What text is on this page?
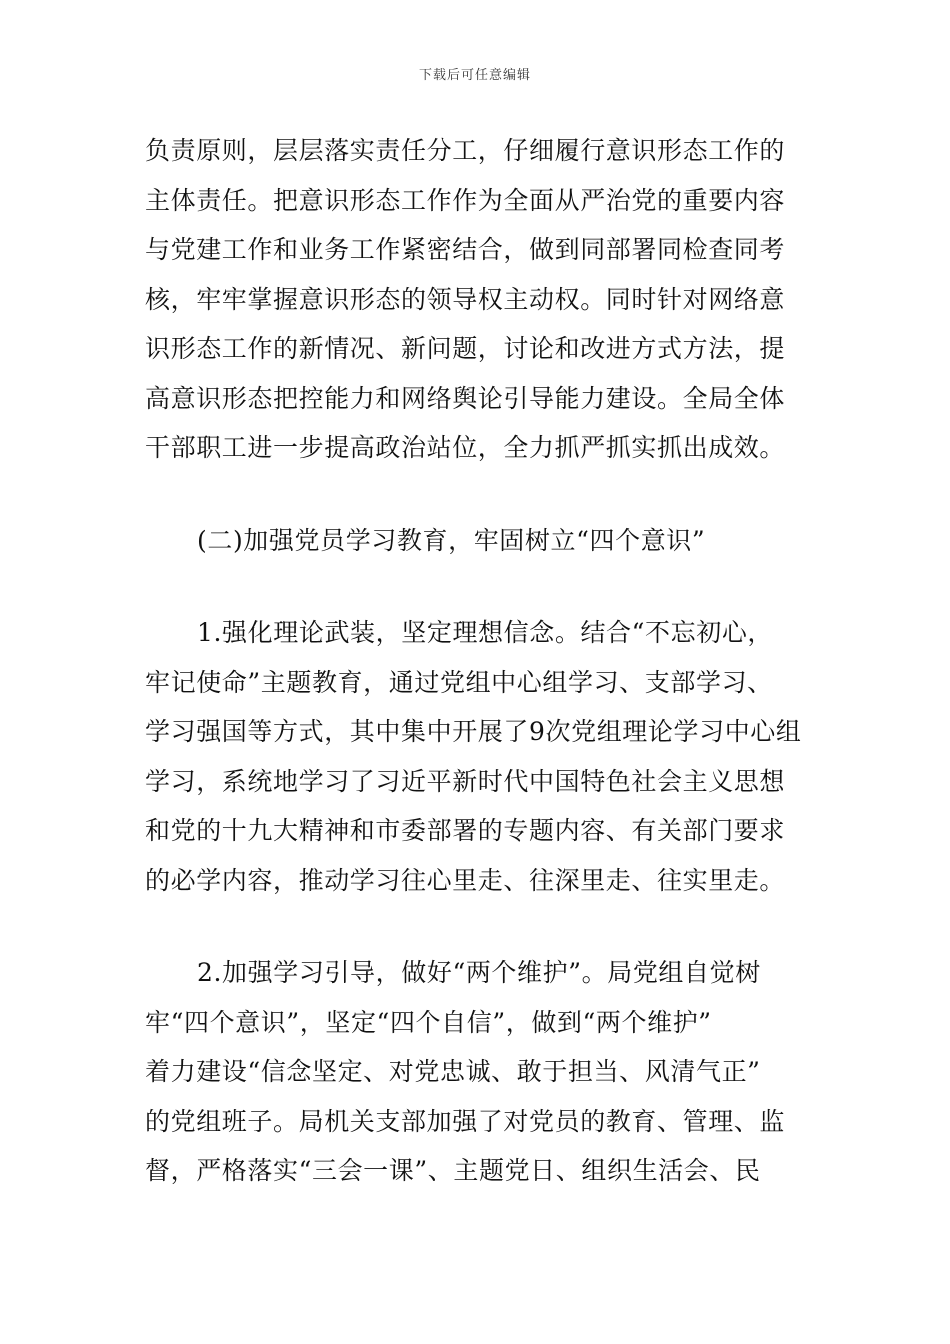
下载后可任意编辑
负责原则，层层落实责任分工，仔细履行意识形态工作的
主体责任。把意识形态工作作为全面从严治党的重要内容
与党建工作和业务工作紧密结合，做到同部署同检查同考
核，牢牢掌握意识形态的领导权主动权。同时针对网络意
识形态工作的新情况、新问题，讨论和改进方式方法，提
高意识形态把控能力和网络舆论引导能力建设。全局全体
干部职工进一步提高政治站位，全力抓严抓实抓出成效。
(二)加强党员学习教育，牢固树立“四个意识”
1.强化理论武装，坚定理想信念。结合“不忘初心，
牢记使命”主题教育，通过党组中心组学习、支部学习、
学习强国等方式，其中集中开展了9次党组理论学习中心组
学习，系统地学习了习近平新时代中国特色社会主义思想
和党的十九大精神和市委部署的专题内容、有关部门要求
的必学内容，推动学习往心里走、往深里走、往实里走。
2.加强学习引导，做好“两个维护”。局党组自觉树
牢“四个意识”，坚定“四个自信”，做到“两个维护”
着力建设“信念坚定、对党忠诚、敢于担当、风清气正”
的党组班子。局机关支部加强了对党员的教育、管理、监
督，严格落实“三会一课”、主题党日、组织生活会、民
